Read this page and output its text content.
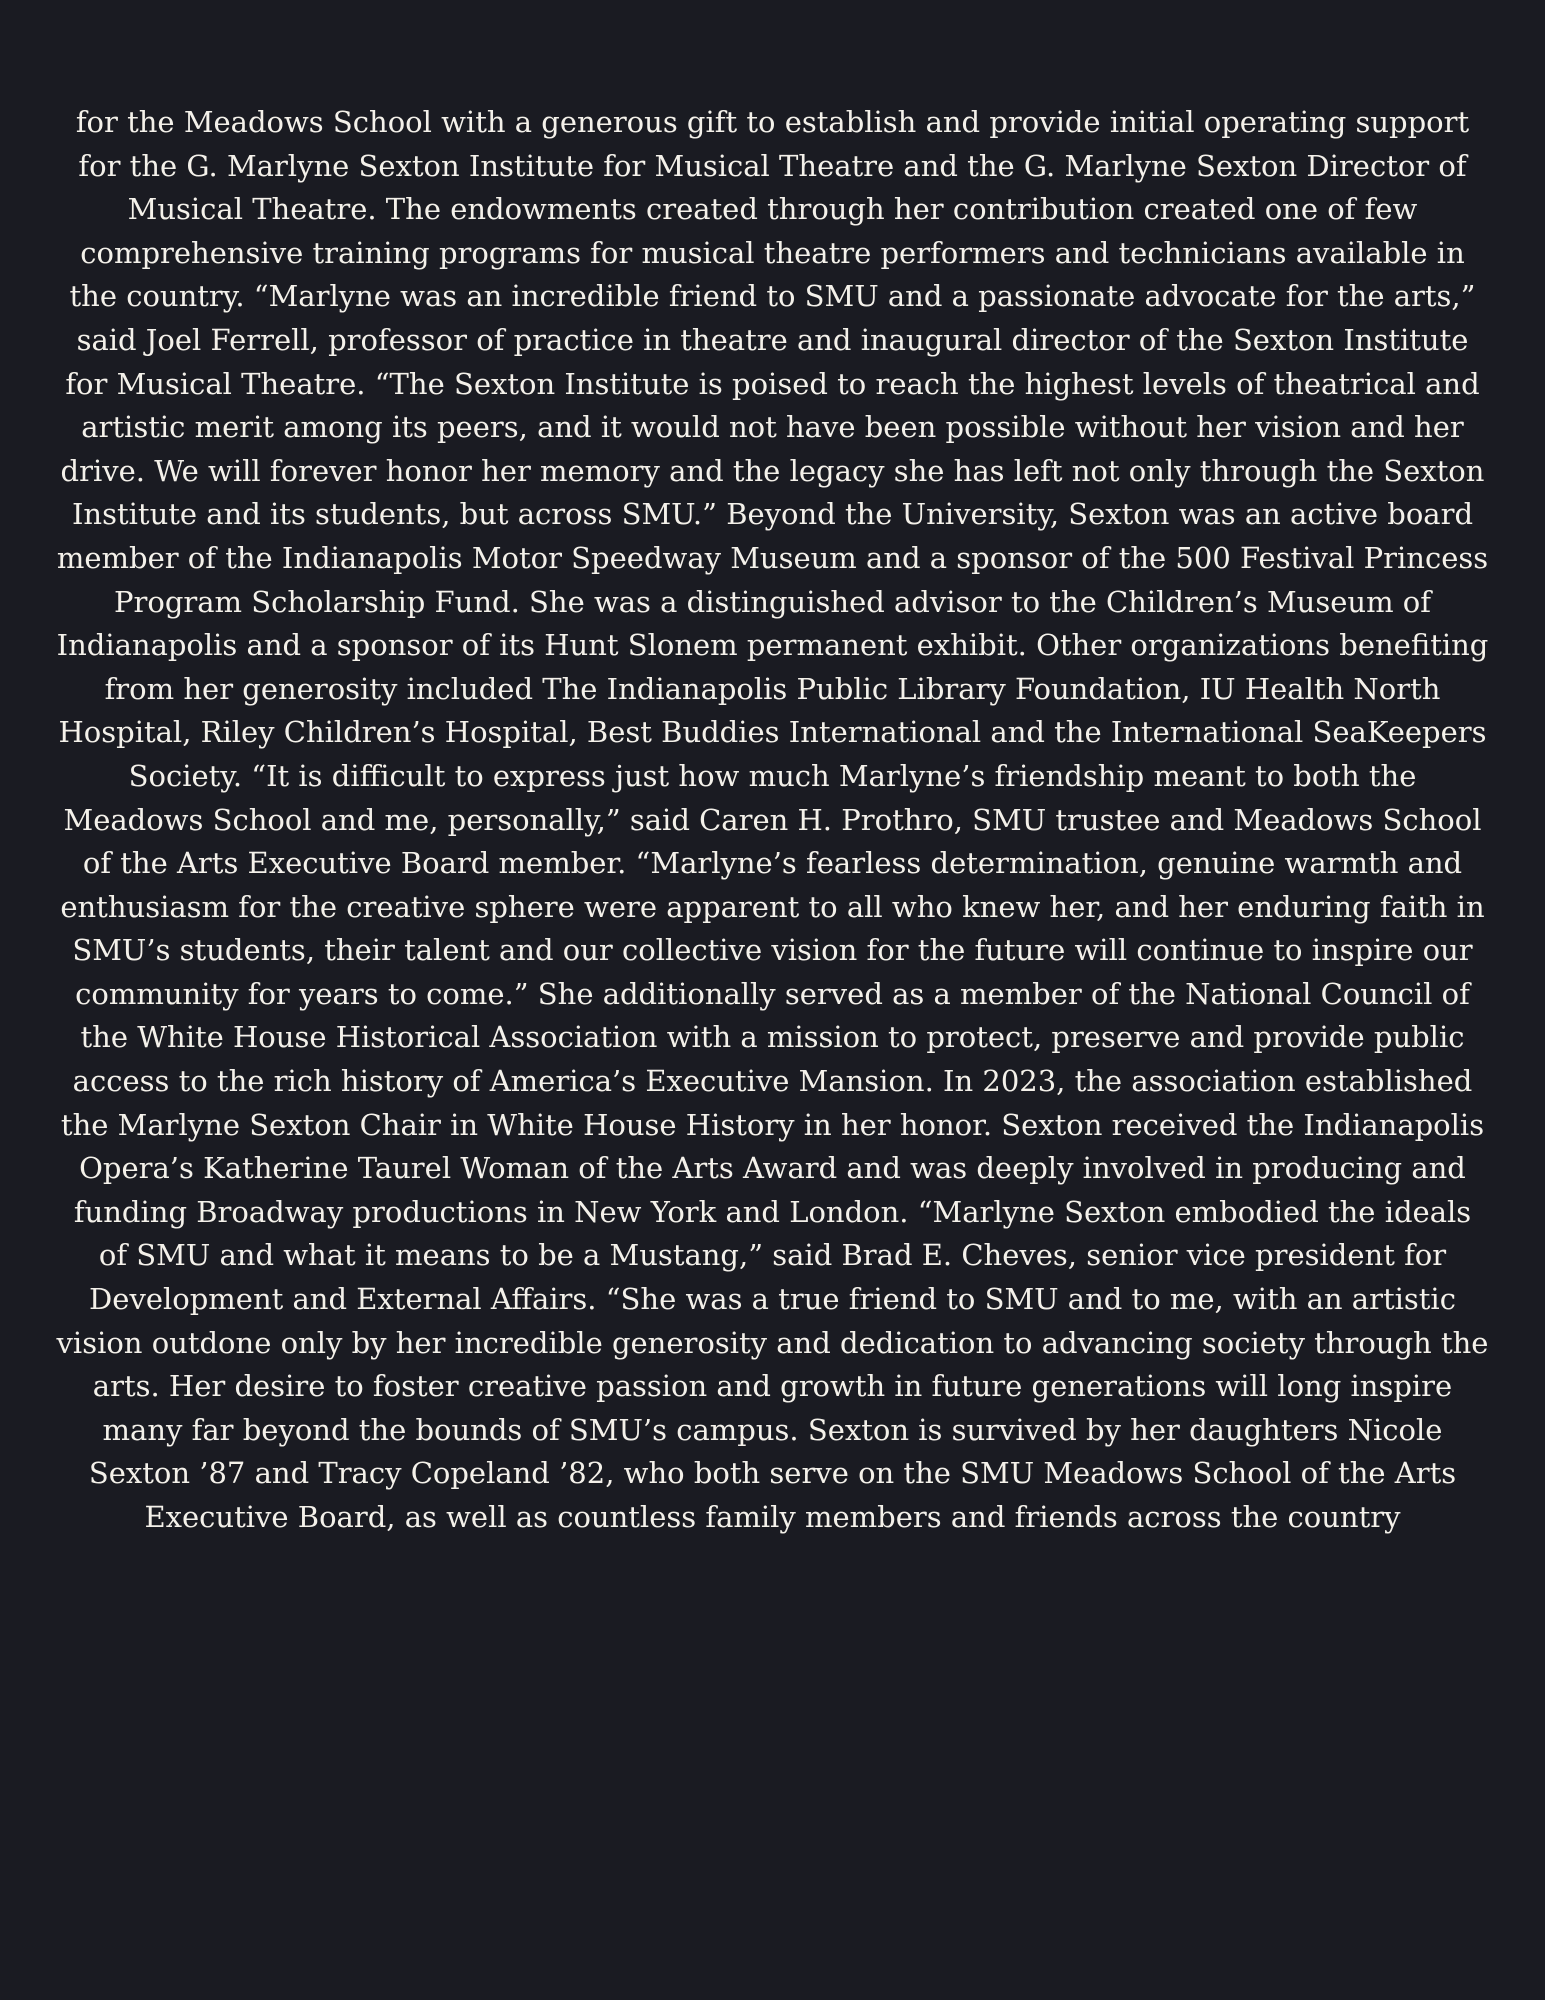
for the Meadows School with a generous gift to establish and provide initial operating support for the G. Marlyne Sexton Institute for Musical Theatre and the G. Marlyne Sexton Director of Musical Theatre. The endowments created through her contribution created one of few comprehensive training programs for musical theatre performers and technicians available in the country. “Marlyne was an incredible friend to SMU and a passionate advocate for the arts,” said Joel Ferrell, professor of practice in theatre and inaugural director of the Sexton Institute for Musical Theatre. “The Sexton Institute is poised to reach the highest levels of theatrical and artistic merit among its peers, and it would not have been possible without her vision and her drive. We will forever honor her memory and the legacy she has left not only through the Sexton Institute and its students, but across SMU.” Beyond the University, Sexton was an active board member of the Indianapolis Motor Speedway Museum and a sponsor of the 500 Festival Princess Program Scholarship Fund. She was a distinguished advisor to the Children’s Museum of Indianapolis and a sponsor of its Hunt Slonem permanent exhibit. Other organizations benefiting from her generosity included The Indianapolis Public Library Foundation, IU Health North Hospital, Riley Children’s Hospital, Best Buddies International and the International SeaKeepers Society. “It is difficult to express just how much Marlyne’s friendship meant to both the Meadows School and me, personally,” said Caren H. Prothro, SMU trustee and Meadows School of the Arts Executive Board member. “Marlyne’s fearless determination, genuine warmth and enthusiasm for the creative sphere were apparent to all who knew her, and her enduring faith in SMU’s students, their talent and our collective vision for the future will continue to inspire our community for years to come.” She additionally served as a member of the National Council of the White House Historical Association with a mission to protect, preserve and provide public access to the rich history of America’s Executive Mansion. In 2023, the association established the Marlyne Sexton Chair in White House History in her honor. Sexton received the Indianapolis Opera’s Katherine Taurel Woman of the Arts Award and was deeply involved in producing and funding Broadway productions in New York and London. “Marlyne Sexton embodied the ideals of SMU and what it means to be a Mustang,” said Brad E. Cheves, senior vice president for Development and External Affairs. “She was a true friend to SMU and to me, with an artistic vision outdone only by her incredible generosity and dedication to advancing society through the arts. Her desire to foster creative passion and growth in future generations will long inspire many far beyond the bounds of SMU’s campus. Sexton is survived by her daughters Nicole Sexton ’87 and Tracy Copeland ’82, who both serve on the SMU Meadows School of the Arts Executive Board, as well as countless family members and friends across the country
